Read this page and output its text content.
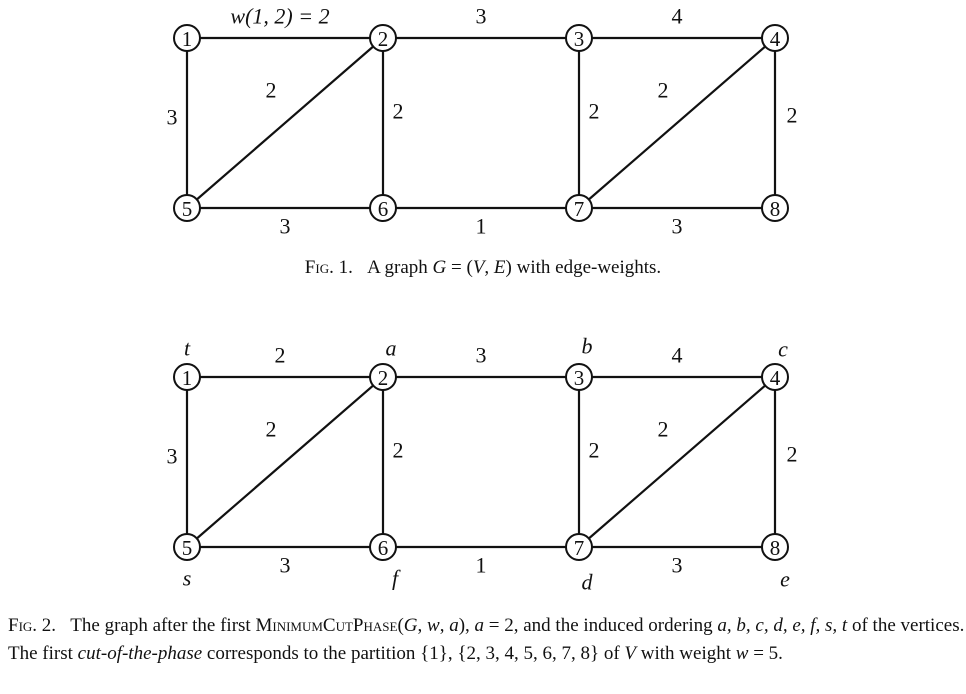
1	2	3	4
5	6	7	8
w(1, 2) = 2	3	4
3
2
2	2
2
2
3	1	3
1	2	3	4
5	6	7	8
2	3	4
3
2
2	2
2
2
3	1	3
t	a	b	c
s	f	d	e
Fig. 1. A graph G = (V, E) with edge-weights.
Fig. 2. The graph after the first MinimumCutPhase(G, w, a), a = 2, and the induced ordering a, b, c, d, e, f, s, t of the vertices. The first cut-of-the-phase corresponds to the partition {1}, {2, 3, 4, 5, 6, 7, 8} of V with weight w = 5.
